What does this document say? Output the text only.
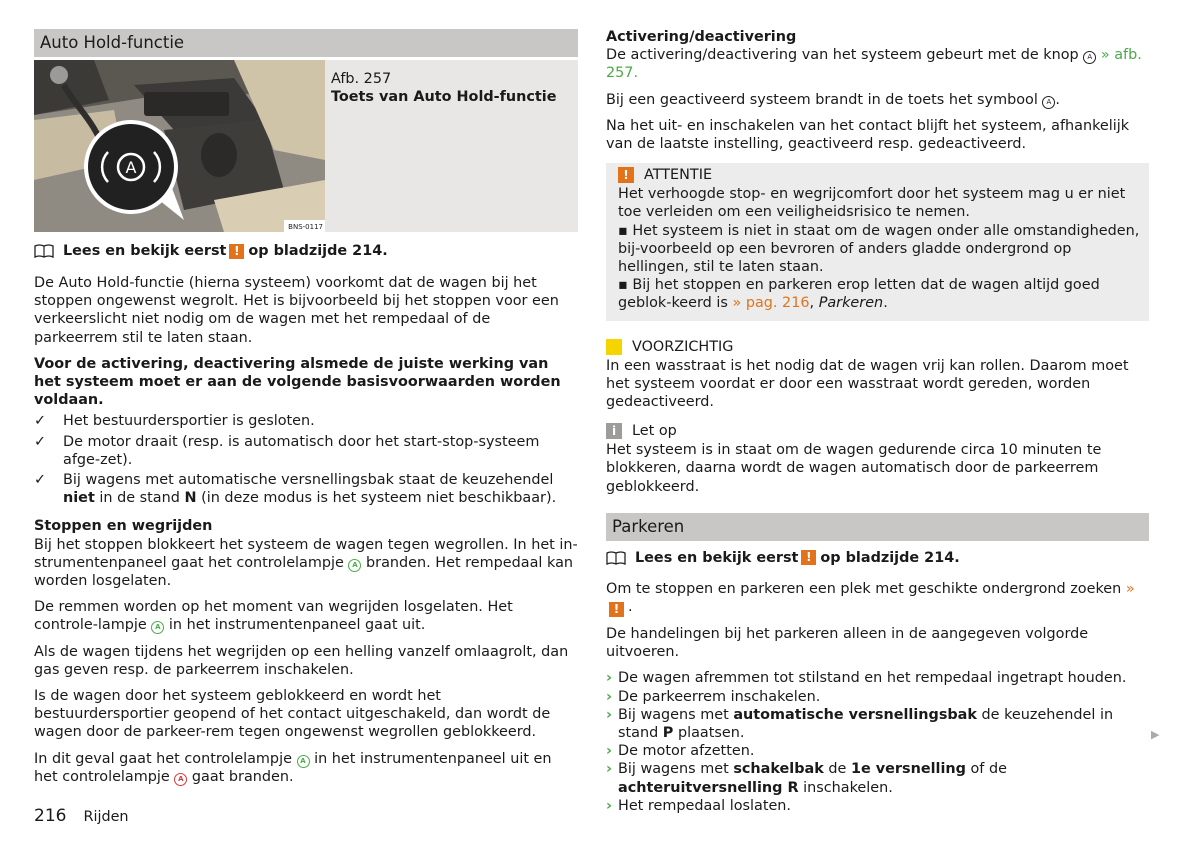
Auto Hold-functie
A
BNS-0117
Afb. 257
Toets van Auto Hold-functie
Lees en bekijk eerst ! op bladzijde 214.

De Auto Hold-functie (hierna systeem) voorkomt dat de wagen bij het stoppen ongewenst wegrolt. Het is bijvoorbeeld bij het stoppen voor een verkeerslicht niet nodig om de wagen met het rempedaal of de parkeerrem stil te laten staan.

Voor de activering, deactivering alsmede de juiste werking van het systeem moet er aan de volgende basisvoorwaarden worden voldaan.

✓	Het bestuurdersportier is gesloten.
✓	De motor draait (resp. is automatisch door het start-stop-systeem afge-zet).
✓	Bij wagens met automatische versnellingsbak staat de keuzehendel niet in de stand N (in deze modus is het systeem niet beschikbaar).

Stoppen en wegrijden

Bij het stoppen blokkeert het systeem de wagen tegen wegrollen. In het in-strumentenpaneel gaat het controlelampje A branden. Het rempedaal kan worden losgelaten.

De remmen worden op het moment van wegrijden losgelaten. Het controle-lampje A in het instrumentenpaneel gaat uit.

Als de wagen tijdens het wegrijden op een helling vanzelf omlaagrolt, dan gas geven resp. de parkeerrem inschakelen.

Is de wagen door het systeem geblokkeerd en wordt het bestuurdersportier geopend of het contact uitgeschakeld, dan wordt de wagen door de parkeer-rem tegen ongewenst wegrollen geblokkeerd.

In dit geval gaat het controlelampje A in het instrumentenpaneel uit en het controlelampje A gaat branden.

Activering/deactivering

De activering/deactivering van het systeem gebeurt met de knop A » afb. 257.

Bij een geactiveerd systeem brandt in de toets het symbool A .

Na het uit- en inschakelen van het contact blijft het systeem, afhankelijk van de laatste instelling, geactiveerd resp. gedeactiveerd.

!	ATTENTIE

Het verhoogde stop- en wegrijcomfort door het systeem mag u er niet toe verleiden om een veiligheidsrisico te nemen.

▪ Het systeem is niet in staat om de wagen onder alle omstandigheden, bij-voorbeeld op een bevroren of anders gladde ondergrond op hellingen, stil te laten staan.

▪ Bij het stoppen en parkeren erop letten dat de wagen altijd goed geblok-keerd is » pag. 216, Parkeren.

VOORZICHTIG

In een wasstraat is het nodig dat de wagen vrij kan rollen. Daarom moet het systeem voordat er door een wasstraat wordt gereden, worden gedeactiveerd.

i	Let op

Het systeem is in staat om de wagen gedurende circa 10 minuten te blokkeren, daarna wordt de wagen automatisch door de parkeerrem geblokkeerd.

Parkeren
Lees en bekijk eerst ! op bladzijde 214.

Om te stoppen en parkeren een plek met geschikte ondergrond zoeken » ! .

De handelingen bij het parkeren alleen in de aangegeven volgorde uitvoeren.

› De wagen afremmen tot stilstand en het rempedaal ingetrapt houden.
› De parkeerrem inschakelen.
› Bij wagens met automatische versnellingsbak de keuzehendel in stand P plaatsen.
› De motor afzetten.
› Bij wagens met schakelbak de 1e versnelling of de achteruitversnelling R inschakelen.
› Het rempedaal loslaten.
▶
216 Rijden
